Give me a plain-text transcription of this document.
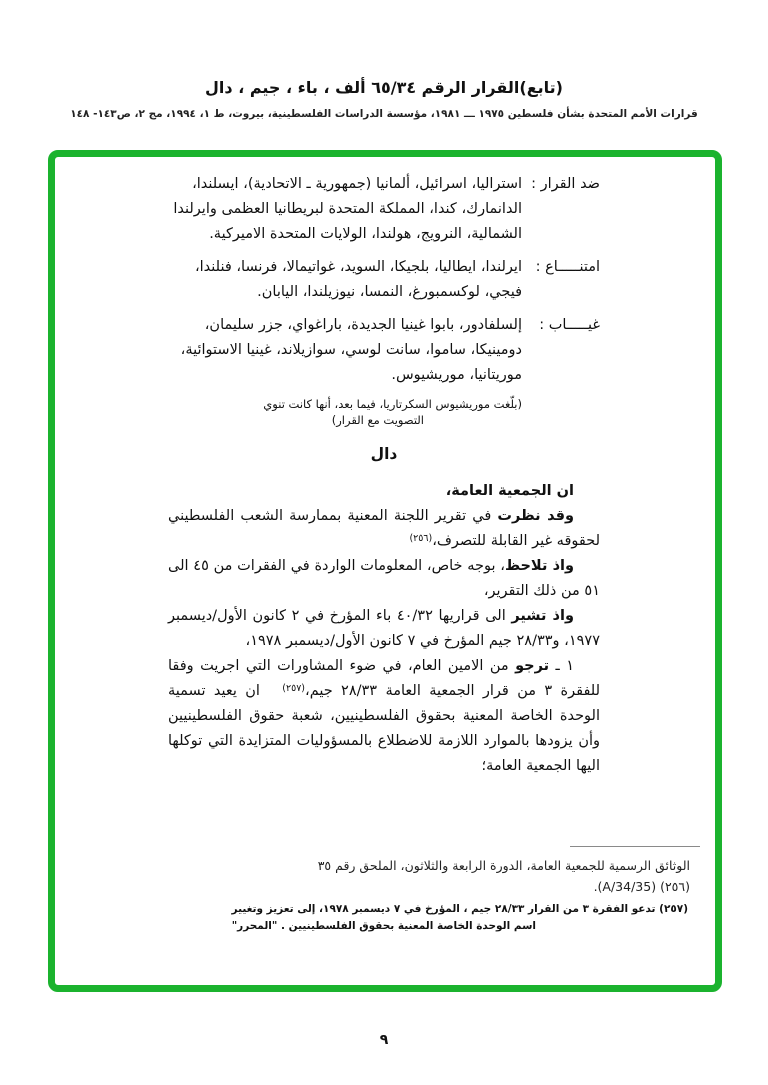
(تابع)القرار الرقم ٦٥/٣٤ ألف ، باء ، جيم ، دال
قرارات الأمم المتحدة بشأن فلسطين ١٩٧٥ ـــ ١٩٨١، مؤسسة الدراسات الفلسطينية، بيروت، ط ١، ١٩٩٤، مج ٢، ص١٤٣- ١٤٨
ضد القرار :
استراليا، اسرائيل، ألمانيا (جمهورية ـ الاتحادية)، ايسلندا، الدانمارك، كندا، المملكة المتحدة لبريطانيا العظمى وايرلندا الشمالية، النرويج، هولندا، الولايات المتحدة الاميركية.
امتنـــــاع :
ايرلندا، ايطاليا، بلجيكا، السويد، غواتيمالا، فرنسا، فنلندا، فيجي، لوكسمبورغ، النمسا، نيوزيلندا، اليابان.
غيـــــاب :
إلسلفادور، بابوا غينيا الجديدة، باراغواي، جزر سليمان، دومينيكا، ساموا، سانت لوسي، سوازيلاند، غينيا الاستوائية، موريتانيا، موريشيوس.
(بلّغت موريشيوس السكرتاريا، فيما بعد، أنها كانت تنوي
التصويت مع القرار)
دال
ان الجمعية العامة،

وقد نظرت في تقرير اللجنة المعنية بممارسة الشعب الفلسطيني لحقوقه غير القابلة للتصرف،$^{(٢٥٦)}$

واذ تلاحظ، بوجه خاص، المعلومات الواردة في الفقرات من ٤٥ الى ٥١ من ذلك التقرير،

واذ تشير الى قراريها ٤٠/٣٢ باء المؤرخ في ٢ كانون الأول/ديسمبر ١٩٧٧، و٢٨/٣٣ جيم المؤرخ في ٧ كانون الأول/ديسمبر ١٩٧٨،

١ ـ ترجو من الامين العام، في ضوء المشاورات التي اجريت وفقا للفقرة ٣ من قرار الجمعية العامة ٢٨/٣٣ جيم،$^{(٢٥٧)}$ ان يعيد تسمية الوحدة الخاصة المعنية بحقوق الفلسطينيين، شعبة حقوق الفلسطينيين وأن يزودها بالموارد اللازمة للاضطلاع بالمسؤوليات المتزايدة التي توكلها اليها الجمعية العامة؛

الوثائق الرسمية للجمعية العامة، الدورة الرابعة والثلاثون، الملحق رقم ٣٥
(٢٥٦) (A/34/35).
(٢٥٧) تدعو الفقرة ٣ من القرار ٢٨/٣٣ جيم ، المؤرخ في ٧ ديسمبر ١٩٧٨، إلى تعزيز وتغيير
اسم الوحدة الخاصة المعنية بحقوق الفلسطينيين . "المحرر"
٩
